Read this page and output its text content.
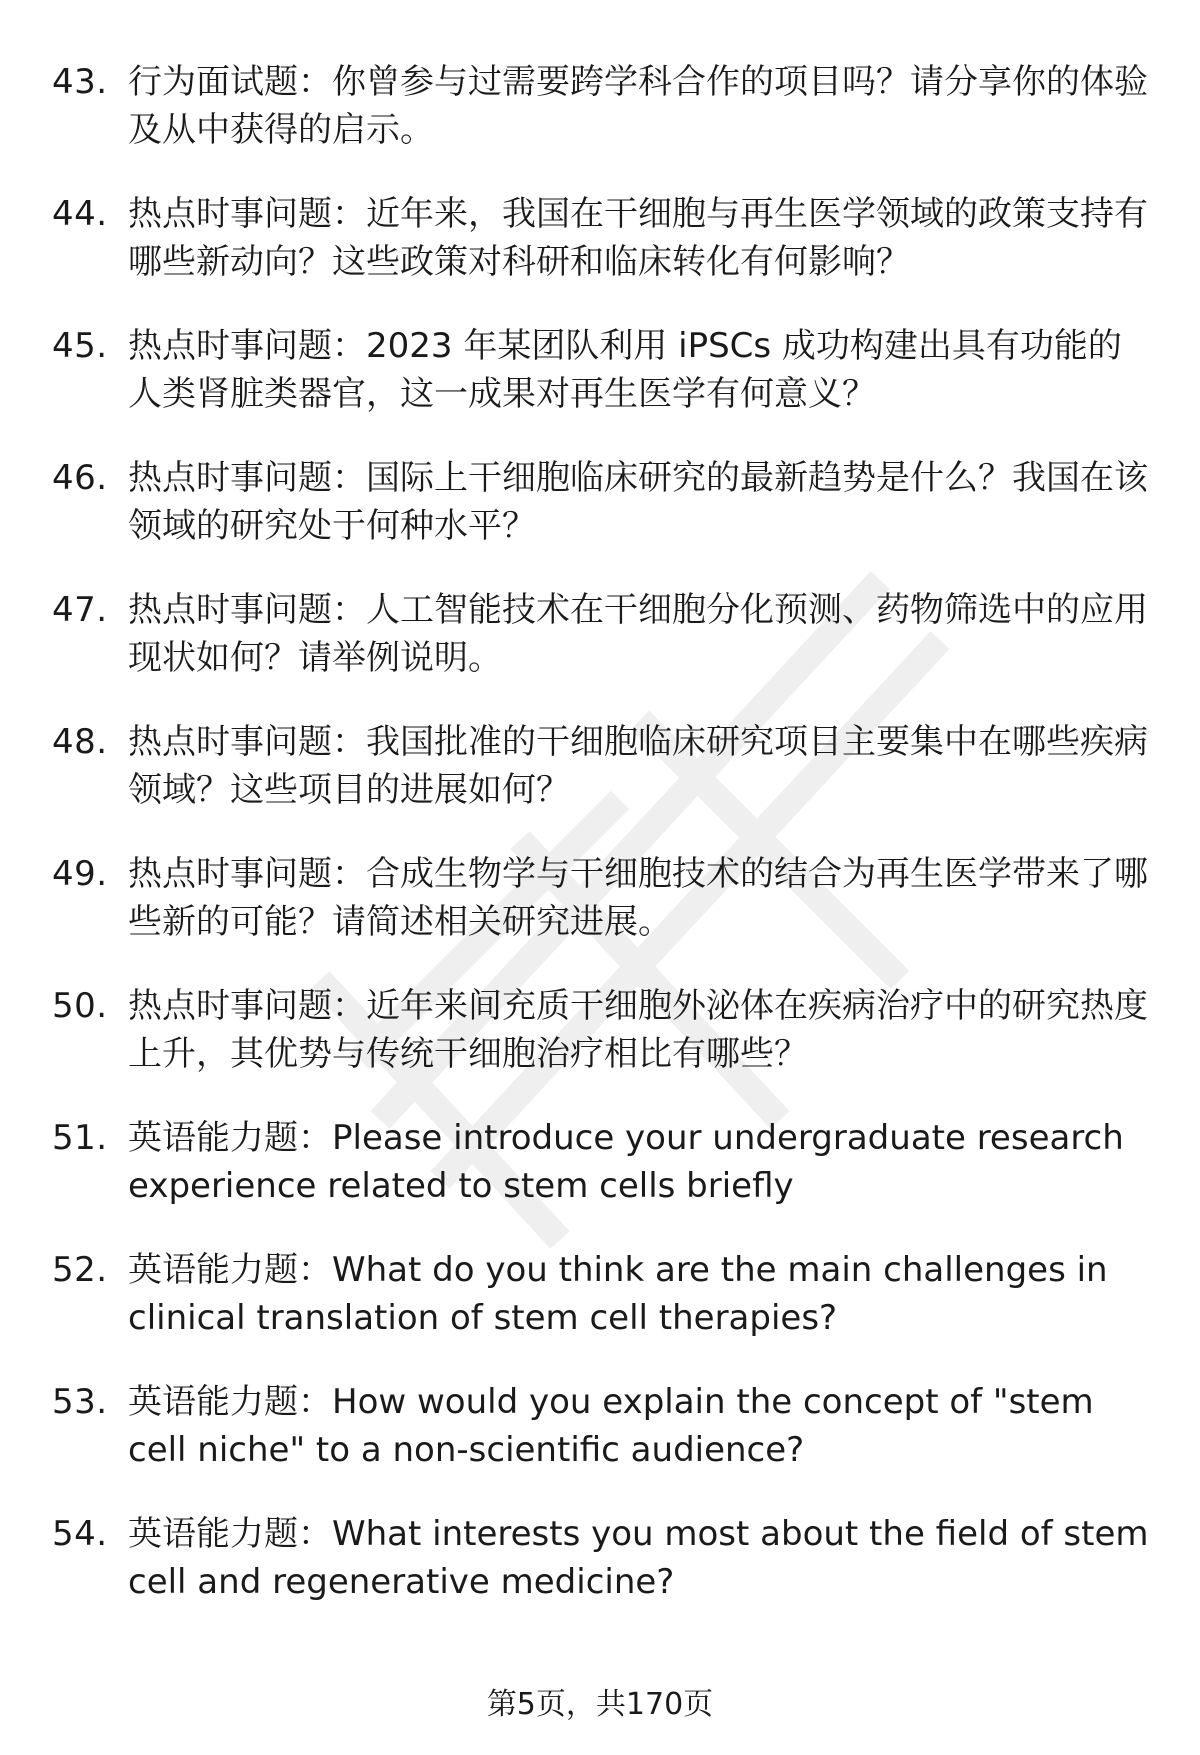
43. 行为面试题：你曾参与过需要跨学科合作的项目吗？请分享你的体验及从中获得的启示。
44. 热点时事问题：近年来，我国在干细胞与再生医学领域的政策支持有哪些新动向？这些政策对科研和临床转化有何影响？
45. 热点时事问题：2023 年某团队利用 iPSCs 成功构建出具有功能的人类肾脏类器官，这一成果对再生医学有何意义？
46. 热点时事问题：国际上干细胞临床研究的最新趋势是什么？我国在该领域的研究处于何种水平？
47. 热点时事问题：人工智能技术在干细胞分化预测、药物筛选中的应用现状如何？请举例说明。
48. 热点时事问题：我国批准的干细胞临床研究项目主要集中在哪些疾病领域？这些项目的进展如何？
49. 热点时事问题：合成生物学与干细胞技术的结合为再生医学带来了哪些新的可能？请简述相关研究进展。
50. 热点时事问题：近年来间充质干细胞外泌体在疾病治疗中的研究热度上升，其优势与传统干细胞治疗相比有哪些？
51. 英语能力题：Please introduce your undergraduate research experience related to stem cells briefly
52. 英语能力题：What do you think are the main challenges in clinical translation of stem cell therapies?
53. 英语能力题：How would you explain the concept of "stem cell niche" to a non-scientific audience?
54. 英语能力题：What interests you most about the field of stem cell and regenerative medicine?
第5页，共170页
